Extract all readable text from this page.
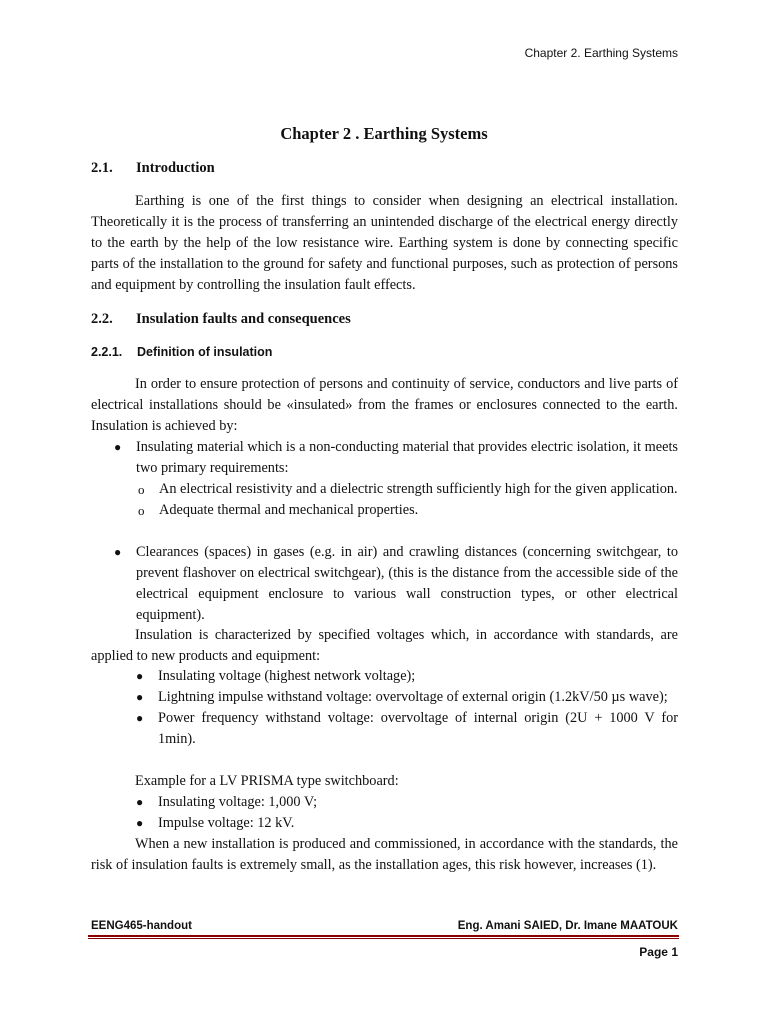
Chapter 2. Earthing Systems
Chapter 2 . Earthing Systems
2.1. Introduction
Earthing is one of the first things to consider when designing an electrical installation. Theoretically it is the process of transferring an unintended discharge of the electrical energy directly to the earth by the help of the low resistance wire. Earthing system is done by connecting specific parts of the installation to the ground for safety and functional purposes, such as protection of persons and equipment by controlling the insulation fault effects.
2.2. Insulation faults and consequences
2.2.1. Definition of insulation
In order to ensure protection of persons and continuity of service, conductors and live parts of electrical installations should be «insulated» from the frames or enclosures connected to the earth. Insulation is achieved by:
● Insulating material which is a non-conducting material that provides electric isolation, it meets two primary requirements:
o An electrical resistivity and a dielectric strength sufficiently high for the given application.
o Adequate thermal and mechanical properties.
● Clearances (spaces) in gases (e.g. in air) and crawling distances (concerning switchgear, to prevent flashover on electrical switchgear), (this is the distance from the accessible side of the electrical equipment enclosure to various wall construction types, or other electrical equipment).
Insulation is characterized by specified voltages which, in accordance with standards, are applied to new products and equipment:
● Insulating voltage (highest network voltage);
● Lightning impulse withstand voltage: overvoltage of external origin (1.2kV/50 µs wave);
● Power frequency withstand voltage: overvoltage of internal origin (2U + 1000 V for 1min).
Example for a LV PRISMA type switchboard:
● Insulating voltage: 1,000 V;
● Impulse voltage: 12 kV.
When a new installation is produced and commissioned, in accordance with the standards, the risk of insulation faults is extremely small, as the installation ages, this risk however, increases (1).
EENG465-handout	Eng. Amani SAIED, Dr. Imane MAATOUK
Page 1
